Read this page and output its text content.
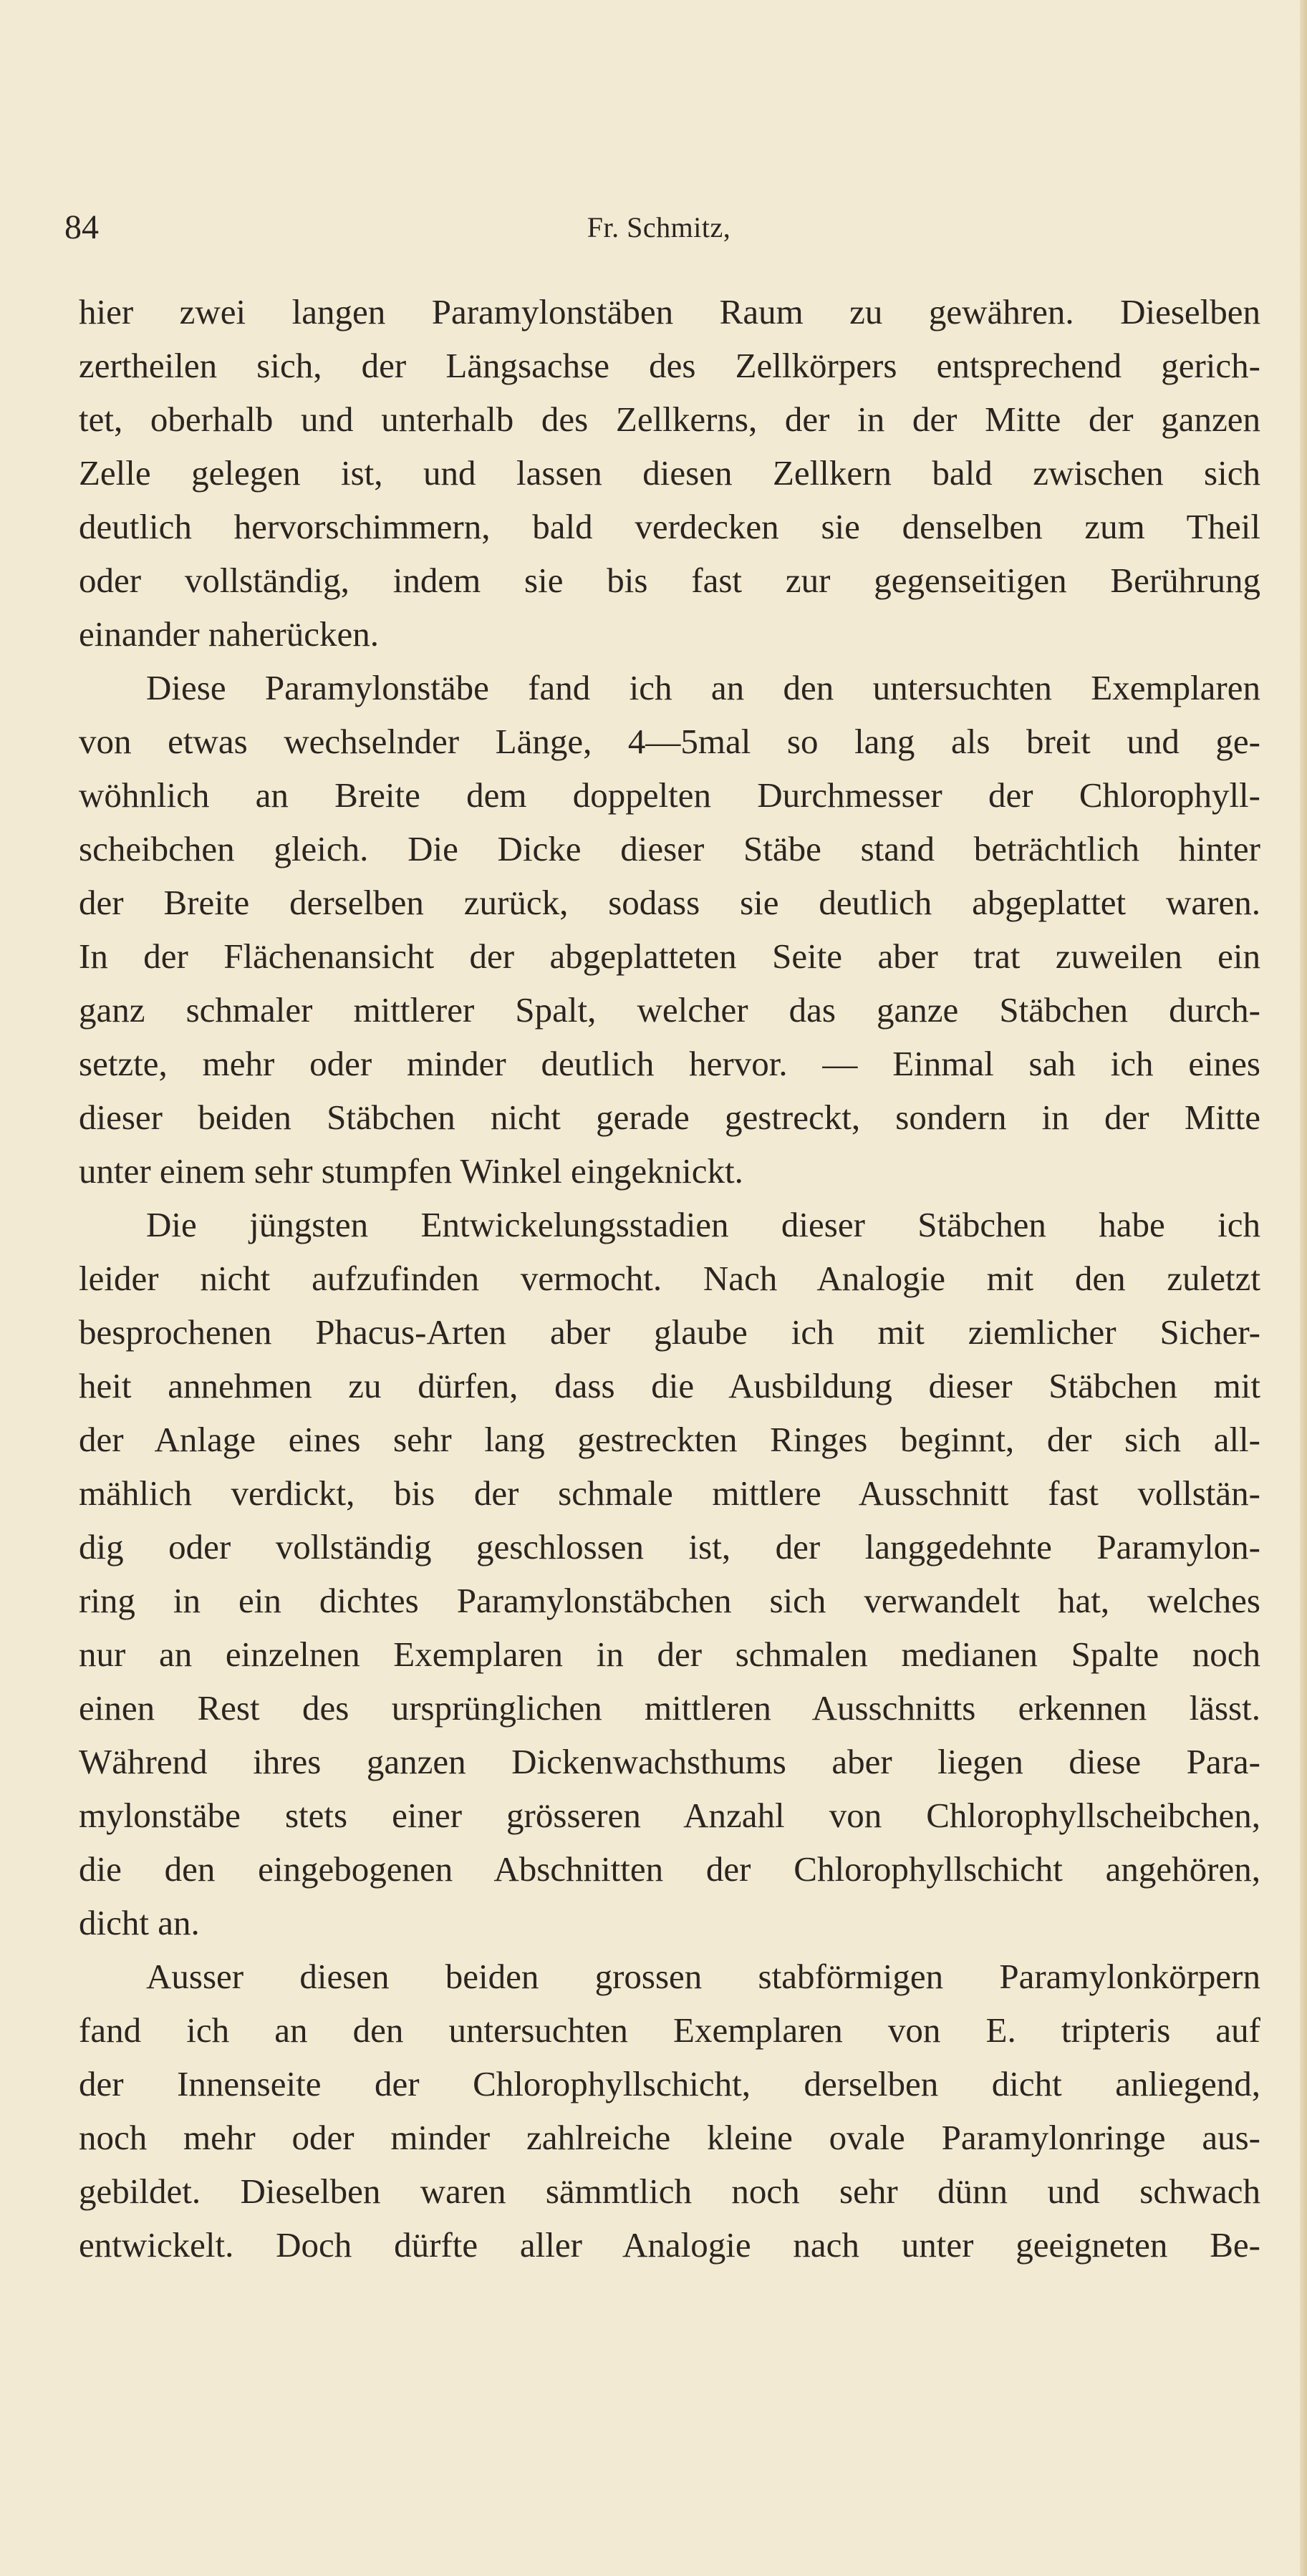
84	Fr. Schmitz,
hier zwei langen Paramylonstäben Raum zu gewähren. Dieselben
zertheilen sich, der Längsachse des Zellkörpers entsprechend gerich-
tet, oberhalb und unterhalb des Zellkerns, der in der Mitte der ganzen
Zelle gelegen ist, und lassen diesen Zellkern bald zwischen sich
deutlich hervorschimmern, bald verdecken sie denselben zum Theil
oder vollständig, indem sie bis fast zur gegenseitigen Berührung
einander naherücken.
Diese Paramylonstäbe fand ich an den untersuchten Exemplaren
von etwas wechselnder Länge, 4—5mal so lang als breit und ge-
wöhnlich an Breite dem doppelten Durchmesser der Chlorophyll-
scheibchen gleich. Die Dicke dieser Stäbe stand beträchtlich hinter
der Breite derselben zurück, sodass sie deutlich abgeplattet waren.
In der Flächenansicht der abgeplatteten Seite aber trat zuweilen ein
ganz schmaler mittlerer Spalt, welcher das ganze Stäbchen durch-
setzte, mehr oder minder deutlich hervor. — Einmal sah ich eines
dieser beiden Stäbchen nicht gerade gestreckt, sondern in der Mitte
unter einem sehr stumpfen Winkel eingeknickt.
Die jüngsten Entwickelungsstadien dieser Stäbchen habe ich
leider nicht aufzufinden vermocht. Nach Analogie mit den zuletzt
besprochenen Phacus-Arten aber glaube ich mit ziemlicher Sicher-
heit annehmen zu dürfen, dass die Ausbildung dieser Stäbchen mit
der Anlage eines sehr lang gestreckten Ringes beginnt, der sich all-
mählich verdickt, bis der schmale mittlere Ausschnitt fast vollstän-
dig oder vollständig geschlossen ist, der langgedehnte Paramylon-
ring in ein dichtes Paramylonstäbchen sich verwandelt hat, welches
nur an einzelnen Exemplaren in der schmalen medianen Spalte noch
einen Rest des ursprünglichen mittleren Ausschnitts erkennen lässt.
Während ihres ganzen Dickenwachsthums aber liegen diese Para-
mylonstäbe stets einer grösseren Anzahl von Chlorophyllscheibchen,
die den eingebogenen Abschnitten der Chlorophyllschicht angehören,
dicht an.
Ausser diesen beiden grossen stabförmigen Paramylonkörpern
fand ich an den untersuchten Exemplaren von E. tripteris auf
der Innenseite der Chlorophyllschicht, derselben dicht anliegend,
noch mehr oder minder zahlreiche kleine ovale Paramylonringe aus-
gebildet. Dieselben waren sämmtlich noch sehr dünn und schwach
entwickelt. Doch dürfte aller Analogie nach unter geeigneten Be-
